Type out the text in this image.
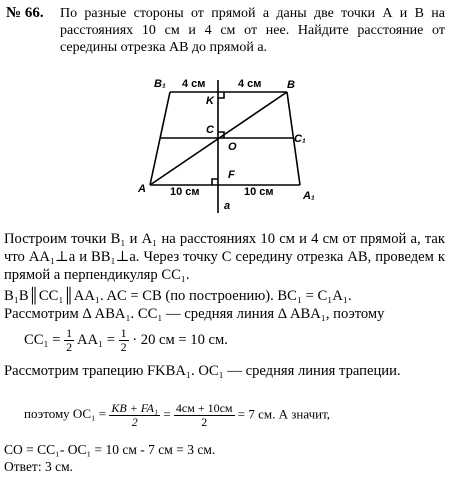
№ 66. По разные стороны от прямой а даны две точки А и В на расстояниях 10 см и 4 см от нее. Найдите расстояние от середины отрезка АВ до прямой а.
B₁ 4 см	4 см B
K
C
O
C₁
F
A 10 см	10 см
a
A₁
Построим точки B₁ и A₁ на расстояниях 10 см и 4 см от прямой а, так что AA₁⊥a и BB₁⊥a. Через точку С середину отрезка АВ, проведем к прямой а перпендикуляр СС₁.
B₁B║CC₁║AA₁. AC = CB (по построению). BC₁ = C₁A₁.
Рассмотрим Δ ABA₁. CC₁ — средняя линия Δ ABA₁, поэтому
$CC_1 = \frac{1}{2} AA_1 = \frac{1}{2} \cdot 20$ см = 10 см.
Рассмотрим трапецию FKBA₁. OC₁ — средняя линия трапеции.
поэтому $OC_1 = \frac{\text{KB + FA₁}}{2} = \frac{4см + 10см}{2} = 7$ см. А значит,
CO = CC₁- OC₁ = 10 см - 7 см = 3 см.
Ответ: 3 см.
